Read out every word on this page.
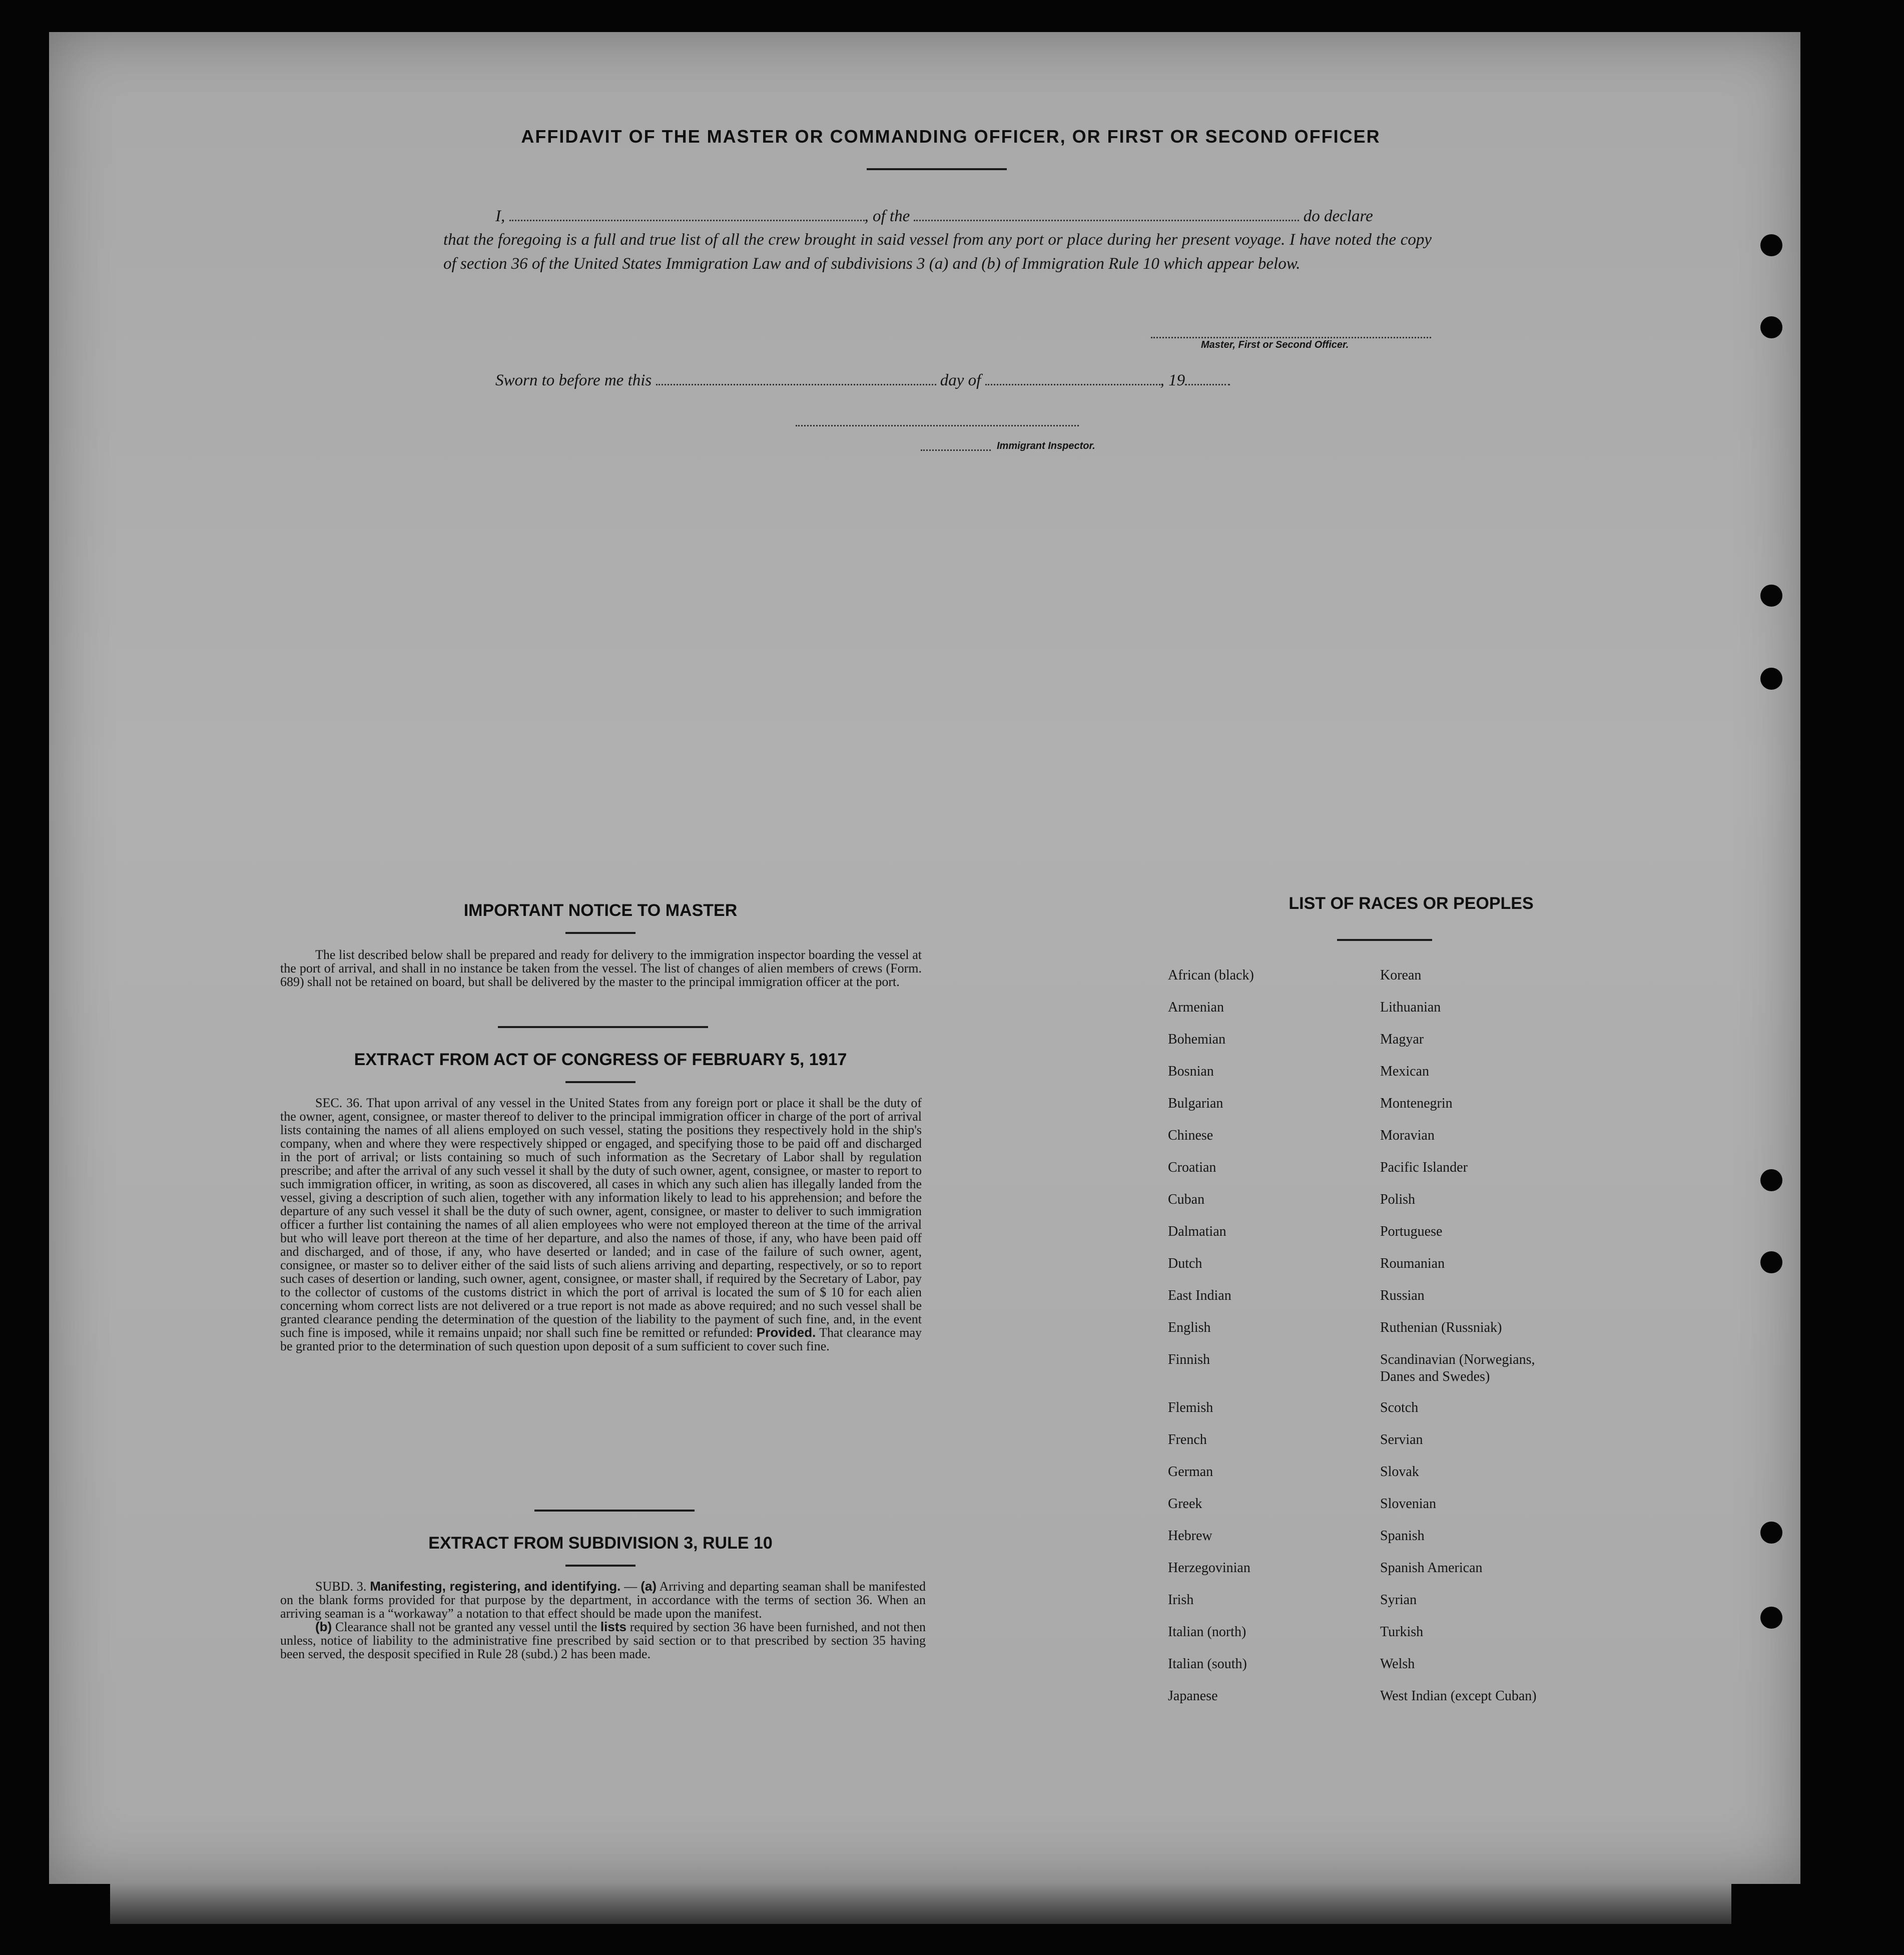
AFFIDAVIT OF THE MASTER OR COMMANDING OFFICER, OR FIRST OR SECOND OFFICER
I,	, of the	do declare
that the foregoing is a full and true list of all the crew brought in said vessel from any port or place during her present voyage. I have noted the copy of section 36 of the United States Immigration Law and of subdivisions 3 (a) and (b) of Immigration Rule 10 which appear below.
Master, First or Second Officer.
Sworn to before me this	day of	, 19
Immigrant Inspector.
IMPORTANT NOTICE TO MASTER

The list described below shall be prepared and ready for delivery to the immigration inspector boarding the vessel at the port of arrival, and shall in no instance be taken from the vessel. The list of changes of alien members of crews (Form. 689) shall not be retained on board, but shall be delivered by the master to the principal immigration officer at the port.

EXTRACT FROM ACT OF CONGRESS OF FEBRUARY 5, 1917

SEC. 36. That upon arrival of any vessel in the United States from any foreign port or place it shall be the duty of the owner, agent, consignee, or master thereof to deliver to the principal immigration officer in charge of the port of arrival lists containing the names of all aliens employed on such vessel, stating the positions they respectively hold in the ship's company, when and where they were respectively shipped or engaged, and specifying those to be paid off and discharged in the port of arrival; or lists containing so much of such information as the Secretary of Labor shall by regulation prescribe; and after the arrival of any such vessel it shall by the duty of such owner, agent, consignee, or master to report to such immigration officer, in writing, as soon as discovered, all cases in which any such alien has illegally landed from the vessel, giving a description of such alien, together with any information likely to lead to his apprehension; and before the departure of any such vessel it shall be the duty of such owner, agent, consignee, or master to deliver to such immigration officer a further list containing the names of all alien employees who were not employed thereon at the time of the arrival but who will leave port thereon at the time of her departure, and also the names of those, if any, who have been paid off and discharged, and of those, if any, who have deserted or landed; and in case of the failure of such owner, agent, consignee, or master so to deliver either of the said lists of such aliens arriving and departing, respectively, or so to report such cases of desertion or landing, such owner, agent, consignee, or master shall, if required by the Secretary of Labor, pay to the collector of customs of the customs district in which the port of arrival is located the sum of $ 10 for each alien concerning whom correct lists are not delivered or a true report is not made as above required; and no such vessel shall be granted clearance pending the determination of the question of the liability to the payment of such fine, and, in the event such fine is imposed, while it remains unpaid; nor shall such fine be remitted or refunded: Provided. That clearance may be granted prior to the determination of such question upon deposit of a sum sufficient to cover such fine.

EXTRACT FROM SUBDIVISION 3, RULE 10

SUBD. 3. Manifesting, registering, and identifying. — (a) Arriving and departing seaman shall be manifested on the blank forms provided for that purpose by the department, in accordance with the terms of section 36. When an arriving seaman is a “workaway” a notation to that effect should be made upon the manifest.

(b) Clearance shall not be granted any vessel until the lists required by section 36 have been furnished, and not then unless, notice of liability to the administrative fine prescribed by said section or to that prescribed by section 35 having been served, the desposit specified in Rule 28 (subd.) 2 has been made.

LIST OF RACES OR PEOPLES
African (black)
Armenian
Bohemian
Bosnian
Bulgarian
Chinese
Croatian
Cuban
Dalmatian
Dutch
East Indian
English
Finnish
Flemish
French
German
Greek
Hebrew
Herzegovinian
Irish
Italian (north)
Italian (south)
Japanese
Korean
Lithuanian
Magyar
Mexican
Montenegrin
Moravian
Pacific Islander
Polish
Portuguese
Roumanian
Russian
Ruthenian (Russniak)
Scandinavian (Norwegians,
Danes and Swedes)
Scotch
Servian
Slovak
Slovenian
Spanish
Spanish American
Syrian
Turkish
Welsh
West Indian (except Cuban)
